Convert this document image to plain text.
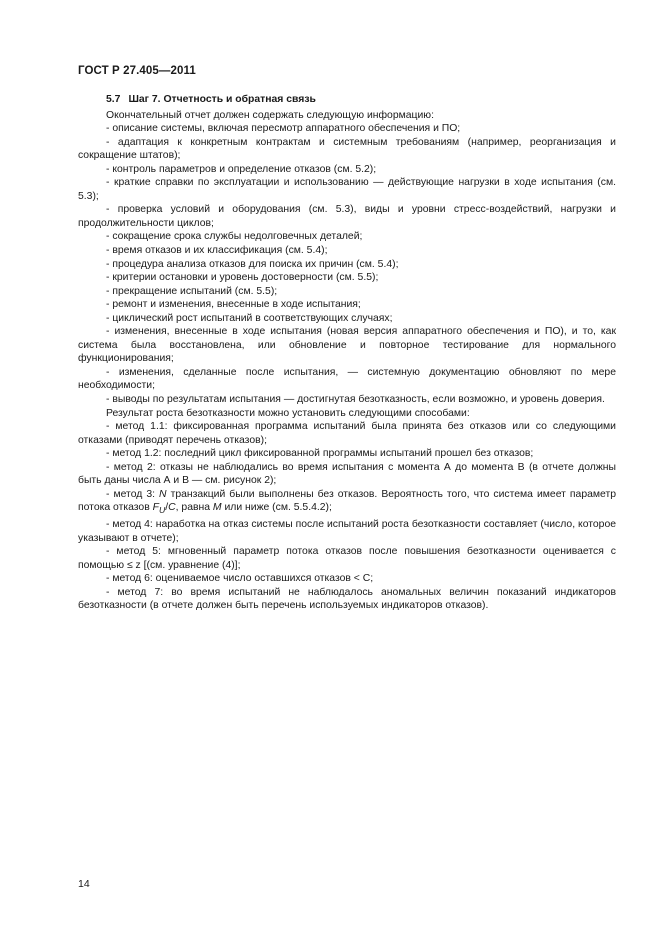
ГОСТ Р 27.405—2011
5.7 Шаг 7. Отчетность и обратная связь

Окончательный отчет должен содержать следующую информацию:

- описание системы, включая пересмотр аппаратного обеспечения и ПО;

- адаптация к конкретным контрактам и системным требованиям (например, реорганизация и сокращение штатов);

- контроль параметров и определение отказов (см. 5.2);

- краткие справки по эксплуатации и использованию — действующие нагрузки в ходе испытания (см. 5.3);

- проверка условий и оборудования (см. 5.3), виды и уровни стресс-воздействий, нагрузки и продолжительности циклов;

- сокращение срока службы недолговечных деталей;

- время отказов и их классификация (см. 5.4);

- процедура анализа отказов для поиска их причин (см. 5.4);

- критерии остановки и уровень достоверности (см. 5.5);

- прекращение испытаний (см. 5.5);

- ремонт и изменения, внесенные в ходе испытания;

- циклический рост испытаний в соответствующих случаях;

- изменения, внесенные в ходе испытания (новая версия аппаратного обеспечения и ПО), и то, как система была восстановлена, или обновление и повторное тестирование для нормального функционирования;

- изменения, сделанные после испытания, — системную документацию обновляют по мере необходимости;

- выводы по результатам испытания — достигнутая безотказность, если возможно, и уровень доверия.

Результат роста безотказности можно установить следующими способами:

- метод 1.1: фиксированная программа испытаний была принята без отказов или со следующими отказами (приводят перечень отказов);

- метод 1.2: последний цикл фиксированной программы испытаний прошел без отказов;

- метод 2: отказы не наблюдались во время испытания с момента А до момента В (в отчете должны быть даны числа А и В — см. рисунок 2);

- метод 3: N транзакций были выполнены без отказов. Вероятность того, что система имеет параметр потока отказов $F_U/C$, равна M или ниже (см. 5.5.4.2);

- метод 4: наработка на отказ системы после испытаний роста безотказности составляет (число, которое указывают в отчете);

- метод 5: мгновенный параметр потока отказов после повышения безотказности оценивается с помощью ≤ z [(см. уравнение (4)];

- метод 6: оцениваемое число оставшихся отказов < С;

- метод 7: во время испытаний не наблюдалось аномальных величин показаний индикаторов безотказности (в отчете должен быть перечень используемых индикаторов отказов).

14
